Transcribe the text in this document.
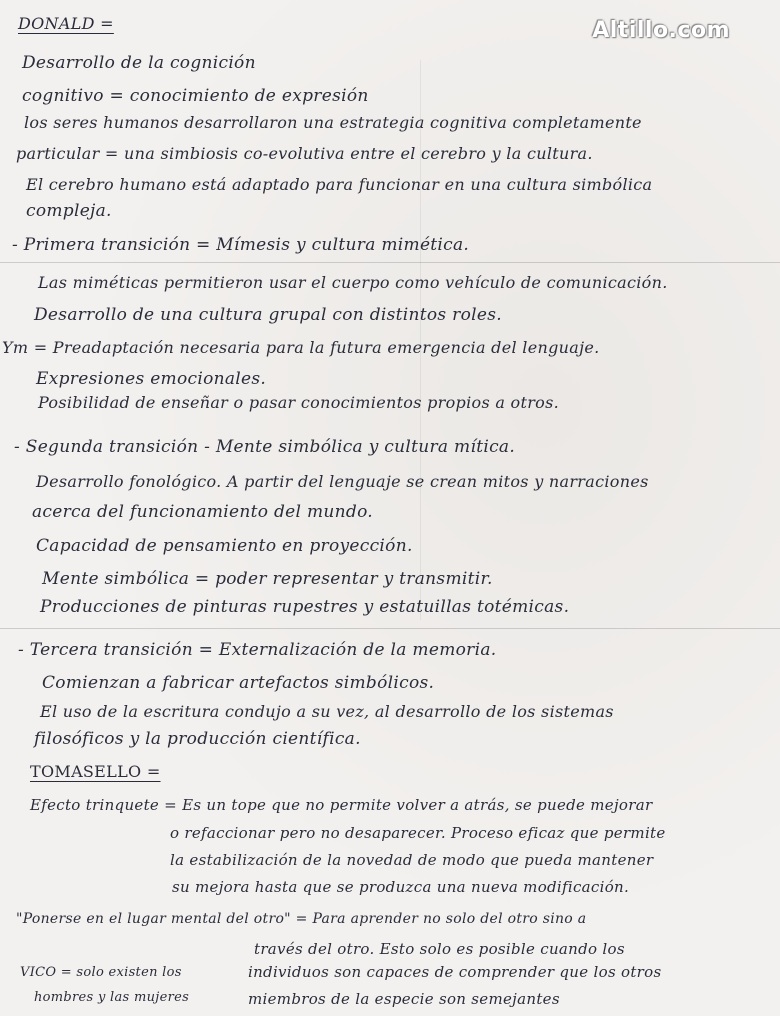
Altillo.com
DONALD =
Desarrollo de la cognición
cognitivo = conocimiento de expresión
los seres humanos desarrollaron una estrategia cognitiva completamente
particular = una simbiosis co-evolutiva entre el cerebro y la cultura.
El cerebro humano está adaptado para funcionar en una cultura simbólica
compleja.
- Primera transición = Mímesis y cultura mimética.
Las miméticas permitieron usar el cuerpo como vehículo de comunicación.
Desarrollo de una cultura grupal con distintos roles.
Ym = Preadaptación necesaria para la futura emergencia del lenguaje.
Expresiones emocionales.
Posibilidad de enseñar o pasar conocimientos propios a otros.
- Segunda transición - Mente simbólica y cultura mítica.
Desarrollo fonológico. A partir del lenguaje se crean mitos y narraciones
acerca del funcionamiento del mundo.
Capacidad de pensamiento en proyección.
Mente simbólica = poder representar y transmitir.
Producciones de pinturas rupestres y estatuillas totémicas.
- Tercera transición = Externalización de la memoria.
Comienzan a fabricar artefactos simbólicos.
El uso de la escritura condujo a su vez, al desarrollo de los sistemas
filosóficos y la producción científica.
TOMASELLO =
Efecto trinquete = Es un tope que no permite volver a atrás, se puede mejorar
o refaccionar pero no desaparecer. Proceso eficaz que permite
la estabilización de la novedad de modo que pueda mantener
su mejora hasta que se produzca una nueva modificación.
"Ponerse en el lugar mental del otro" = Para aprender no solo del otro sino a
través del otro. Esto solo es posible cuando los
individuos son capaces de comprender que los otros
miembros de la especie son semejantes
VICO = solo existen los
hombres y las mujeres
